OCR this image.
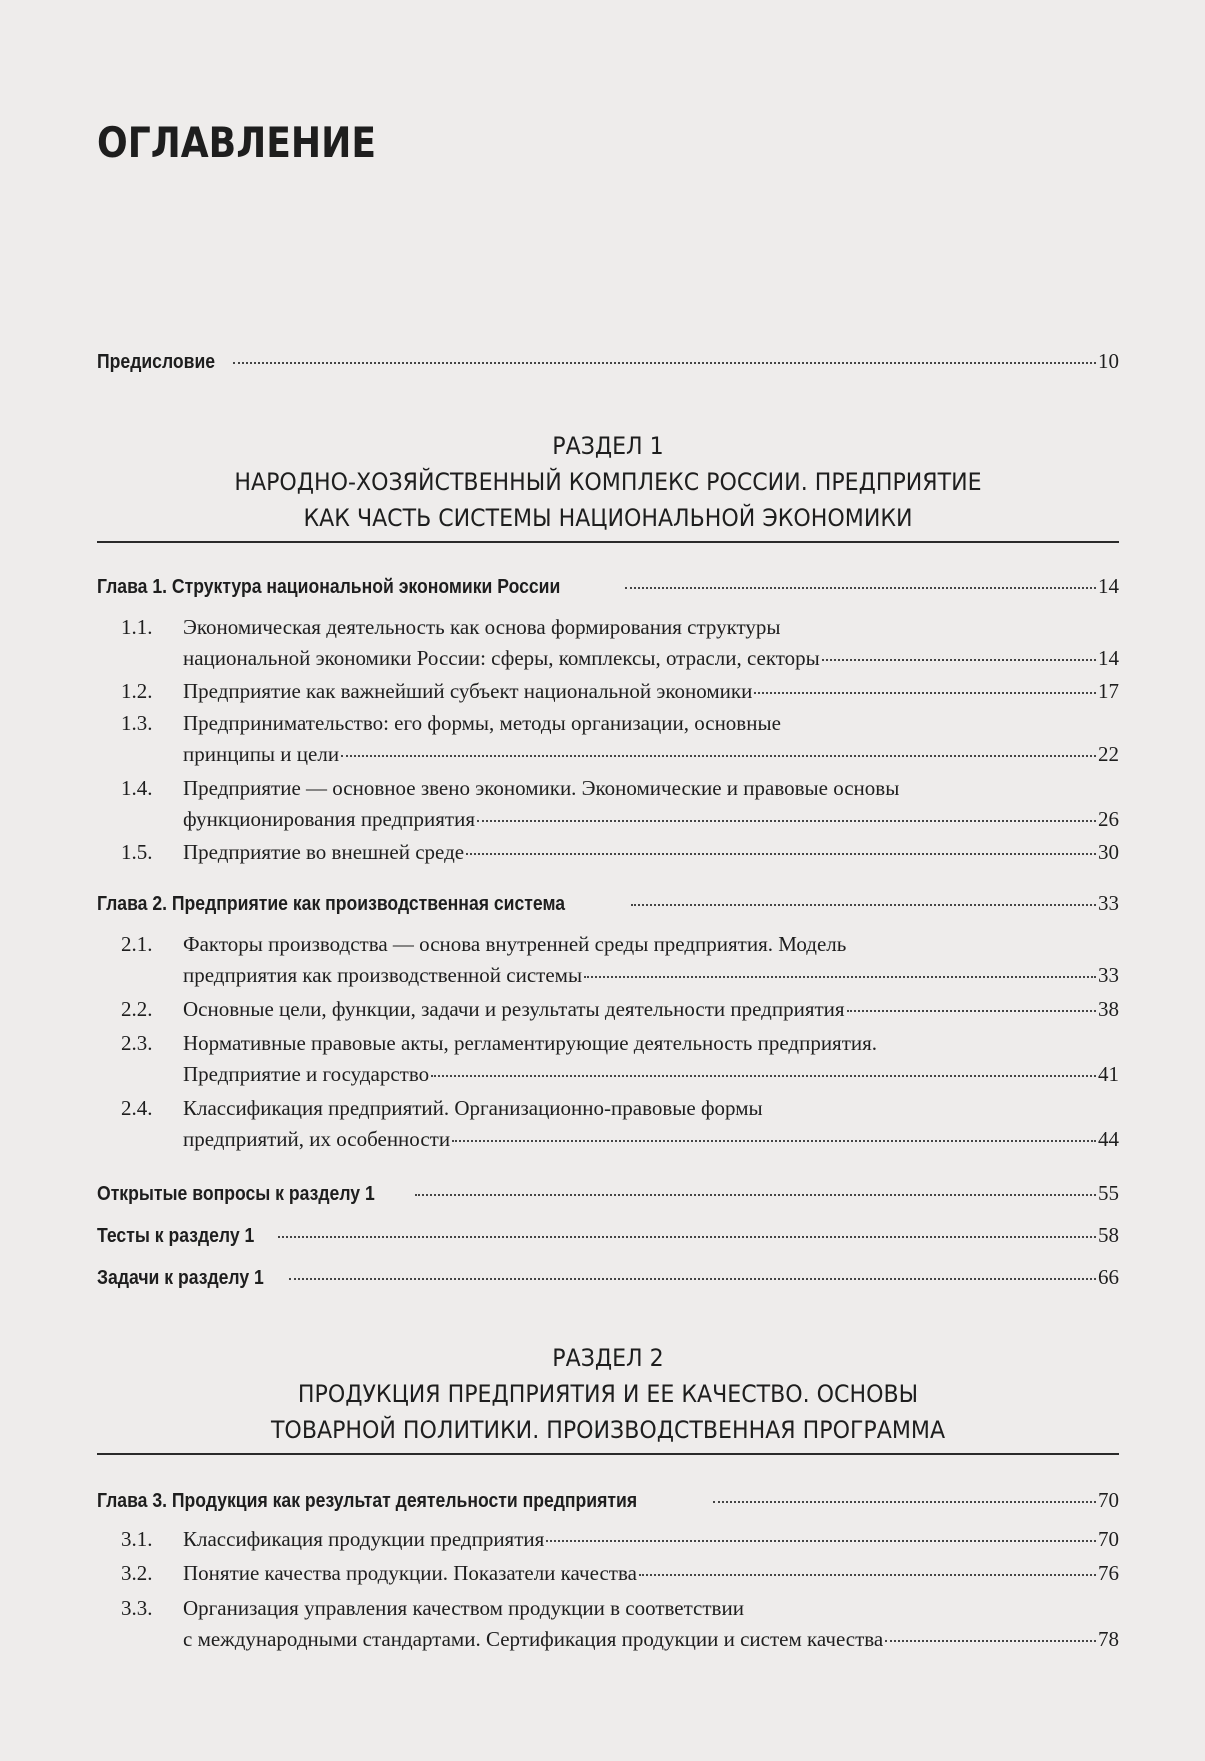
ОГЛАВЛЕНИЕ
Предисловие	10
РАЗДЕЛ 1
НАРОДНО-ХОЗЯЙСТВЕННЫЙ КОМПЛЕКС РОССИИ. ПРЕДПРИЯТИЕ
КАК ЧАСТЬ СИСТЕМЫ НАЦИОНАЛЬНОЙ ЭКОНОМИКИ
Глава 1. Структура национальной экономики России	14
1.1. Экономическая деятельность как основа формирования структуры
национальной экономики России: сферы, комплексы, отрасли, секторы	14
1.2. Предприятие как важнейший субъект национальной экономики	17
1.3. Предпринимательство: его формы, методы организации, основные
принципы и цели	22
1.4. Предприятие — основное звено экономики. Экономические и правовые основы
функционирования предприятия	26
1.5. Предприятие во внешней среде	30
Глава 2. Предприятие как производственная система	33
2.1. Факторы производства — основа внутренней среды предприятия. Модель
предприятия как производственной системы	33
2.2. Основные цели, функции, задачи и результаты деятельности предприятия	38
2.3. Нормативные правовые акты, регламентирующие деятельность предприятия.
Предприятие и государство	41
2.4. Классификация предприятий. Организационно-правовые формы
предприятий, их особенности	44
Открытые вопросы к разделу 1	55
Тесты к разделу 1	58
Задачи к разделу 1	66
РАЗДЕЛ 2
ПРОДУКЦИЯ ПРЕДПРИЯТИЯ И ЕЕ КАЧЕСТВО. ОСНОВЫ
ТОВАРНОЙ ПОЛИТИКИ. ПРОИЗВОДСТВЕННАЯ ПРОГРАММА
Глава 3. Продукция как результат деятельности предприятия	70
3.1. Классификация продукции предприятия	70
3.2. Понятие качества продукции. Показатели качества	76
3.3. Организация управления качеством продукции в соответствии
с международными стандартами. Сертификация продукции и систем качества	78
